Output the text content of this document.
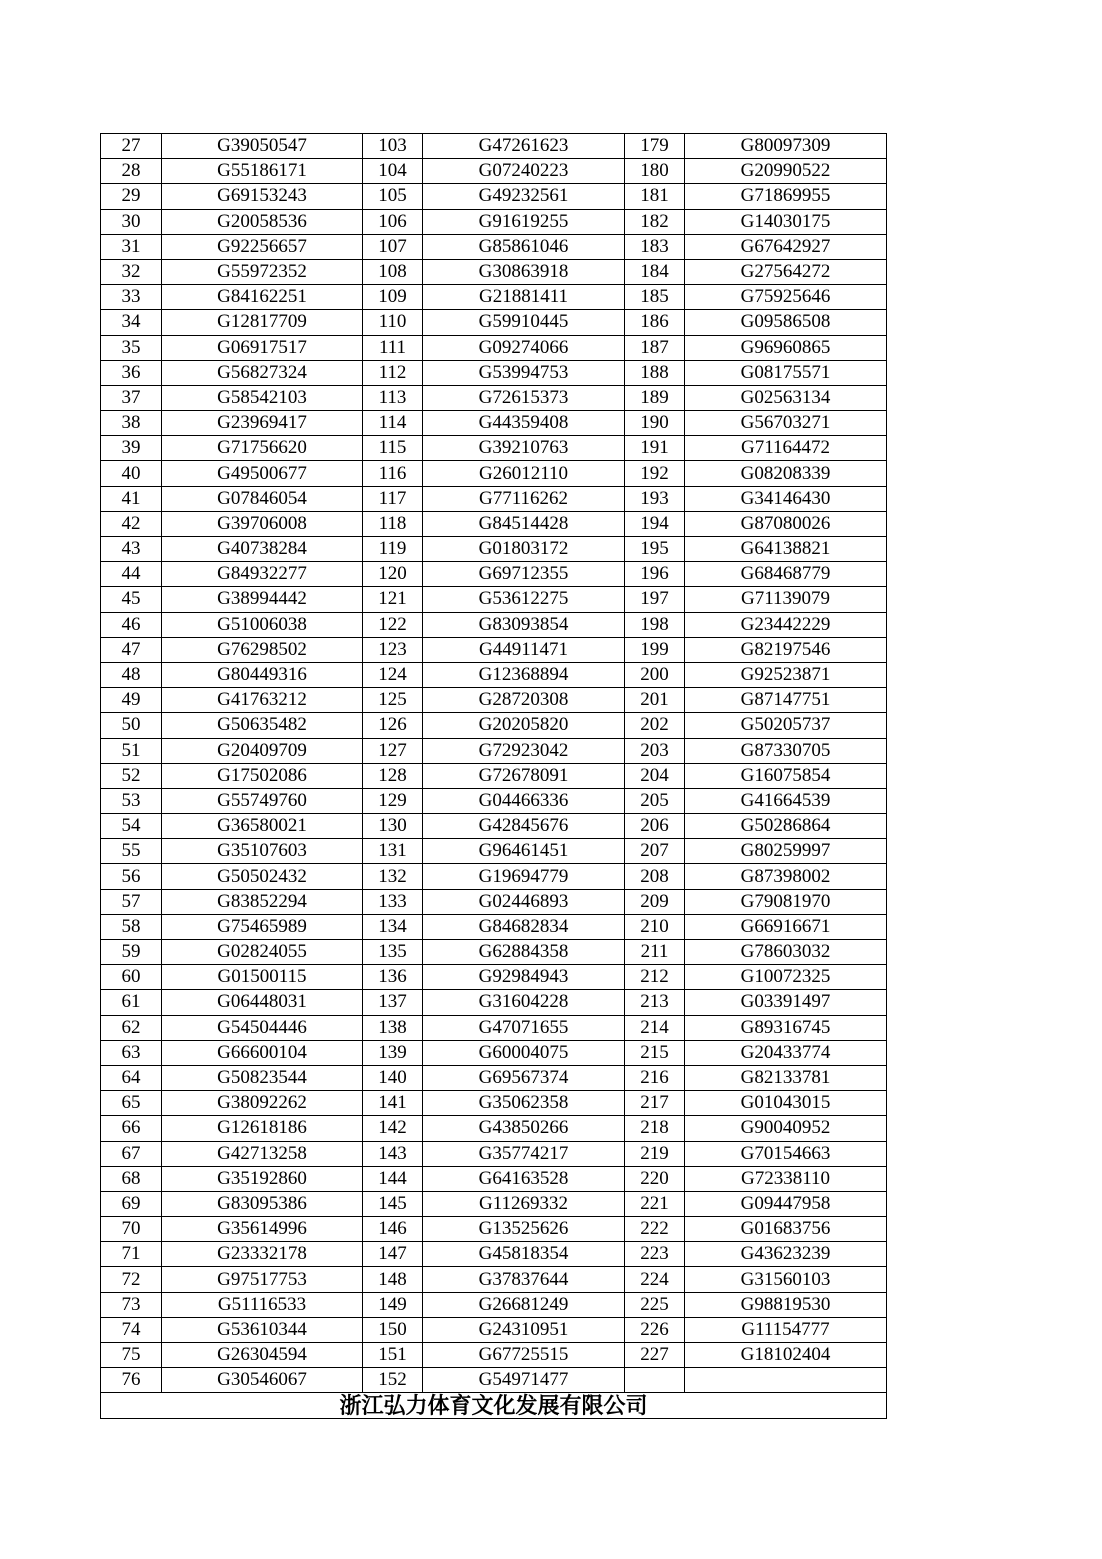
27	G39050547	103	G47261623	179	G80097309
28	G55186171	104	G07240223	180	G20990522
29	G69153243	105	G49232561	181	G71869955
30	G20058536	106	G91619255	182	G14030175
31	G92256657	107	G85861046	183	G67642927
32	G55972352	108	G30863918	184	G27564272
33	G84162251	109	G21881411	185	G75925646
34	G12817709	110	G59910445	186	G09586508
35	G06917517	111	G09274066	187	G96960865
36	G56827324	112	G53994753	188	G08175571
37	G58542103	113	G72615373	189	G02563134
38	G23969417	114	G44359408	190	G56703271
39	G71756620	115	G39210763	191	G71164472
40	G49500677	116	G26012110	192	G08208339
41	G07846054	117	G77116262	193	G34146430
42	G39706008	118	G84514428	194	G87080026
43	G40738284	119	G01803172	195	G64138821
44	G84932277	120	G69712355	196	G68468779
45	G38994442	121	G53612275	197	G71139079
46	G51006038	122	G83093854	198	G23442229
47	G76298502	123	G44911471	199	G82197546
48	G80449316	124	G12368894	200	G92523871
49	G41763212	125	G28720308	201	G87147751
50	G50635482	126	G20205820	202	G50205737
51	G20409709	127	G72923042	203	G87330705
52	G17502086	128	G72678091	204	G16075854
53	G55749760	129	G04466336	205	G41664539
54	G36580021	130	G42845676	206	G50286864
55	G35107603	131	G96461451	207	G80259997
56	G50502432	132	G19694779	208	G87398002
57	G83852294	133	G02446893	209	G79081970
58	G75465989	134	G84682834	210	G66916671
59	G02824055	135	G62884358	211	G78603032
60	G01500115	136	G92984943	212	G10072325
61	G06448031	137	G31604228	213	G03391497
62	G54504446	138	G47071655	214	G89316745
63	G66600104	139	G60004075	215	G20433774
64	G50823544	140	G69567374	216	G82133781
65	G38092262	141	G35062358	217	G01043015
66	G12618186	142	G43850266	218	G90040952
67	G42713258	143	G35774217	219	G70154663
68	G35192860	144	G64163528	220	G72338110
69	G83095386	145	G11269332	221	G09447958
70	G35614996	146	G13525626	222	G01683756
71	G23332178	147	G45818354	223	G43623239
72	G97517753	148	G37837644	224	G31560103
73	G51116533	149	G26681249	225	G98819530
74	G53610344	150	G24310951	226	G11154777
75	G26304594	151	G67725515	227	G18102404
76	G30546067	152	G54971477		
浙江弘力体育文化发展有限公司					
